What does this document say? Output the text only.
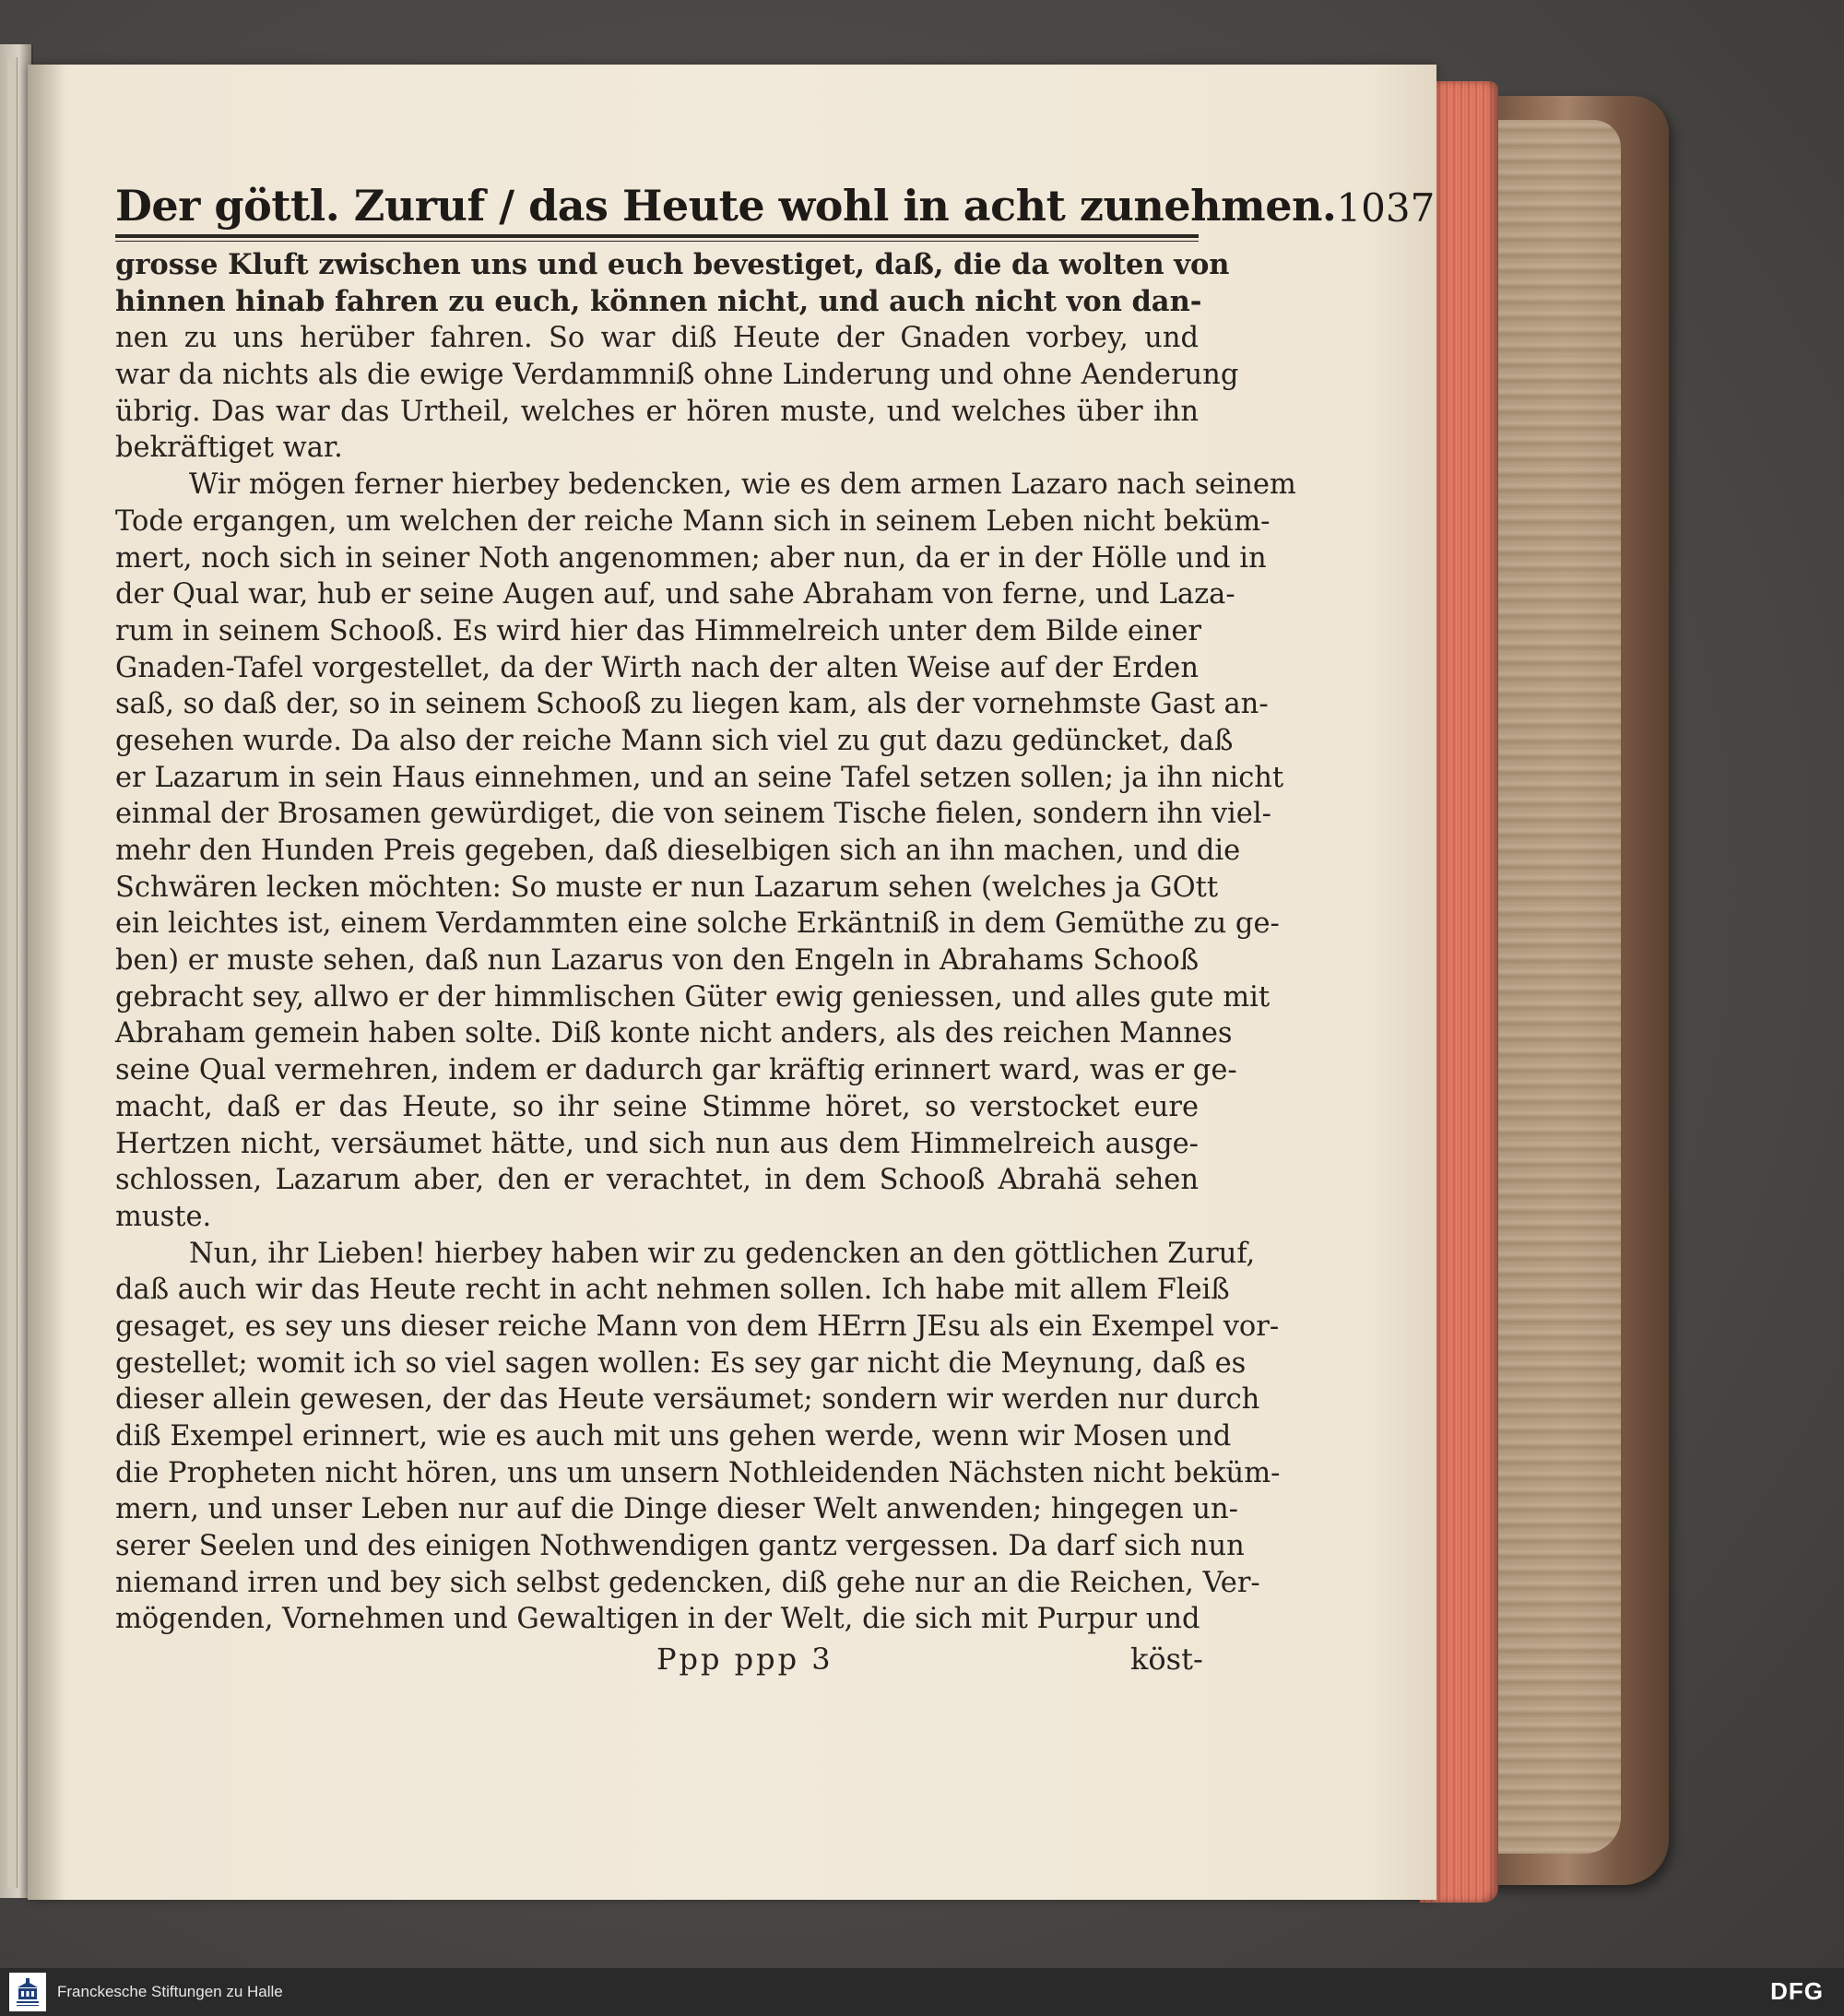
Der göttl. Zuruf / das Heute wohl in acht zunehmen. 1037
grosse Kluft zwischen uns und euch bevestiget, daß, die da wolten von
hinnen hinab fahren zu euch, können nicht, und auch nicht von dan-
nen zu uns herüber fahren. So war diß Heute der Gnaden vorbey, und
war da nichts als die ewige Verdammniß ohne Linderung und ohne Aenderung
übrig. Das war das Urtheil, welches er hören muste, und welches über ihn
bekräftiget war.
Wir mögen ferner hierbey bedencken, wie es dem armen Lazaro nach seinem
Tode ergangen, um welchen der reiche Mann sich in seinem Leben nicht beküm-
mert, noch sich in seiner Noth angenommen; aber nun, da er in der Hölle und in
der Qual war, hub er seine Augen auf, und sahe Abraham von ferne, und Laza-
rum in seinem Schooß. Es wird hier das Himmelreich unter dem Bilde einer
Gnaden-Tafel vorgestellet, da der Wirth nach der alten Weise auf der Erden
saß, so daß der, so in seinem Schooß zu liegen kam, als der vornehmste Gast an-
gesehen wurde. Da also der reiche Mann sich viel zu gut dazu gedüncket, daß
er Lazarum in sein Haus einnehmen, und an seine Tafel setzen sollen; ja ihn nicht
einmal der Brosamen gewürdiget, die von seinem Tische fielen, sondern ihn viel-
mehr den Hunden Preis gegeben, daß dieselbigen sich an ihn machen, und die
Schwären lecken möchten: So muste er nun Lazarum sehen (welches ja GOtt
ein leichtes ist, einem Verdammten eine solche Erkäntniß in dem Gemüthe zu ge-
ben) er muste sehen, daß nun Lazarus von den Engeln in Abrahams Schooß
gebracht sey, allwo er der himmlischen Güter ewig geniessen, und alles gute mit
Abraham gemein haben solte. Diß konte nicht anders, als des reichen Mannes
seine Qual vermehren, indem er dadurch gar kräftig erinnert ward, was er ge-
macht, daß er das Heute, so ihr seine Stimme höret, so verstocket eure
Hertzen nicht, versäumet hätte, und sich nun aus dem Himmelreich ausge-
schlossen, Lazarum aber, den er verachtet, in dem Schooß Abrahä sehen
muste.
Nun, ihr Lieben! hierbey haben wir zu gedencken an den göttlichen Zuruf,
daß auch wir das Heute recht in acht nehmen sollen. Ich habe mit allem Fleiß
gesaget, es sey uns dieser reiche Mann von dem HErrn JEsu als ein Exempel vor-
gestellet; womit ich so viel sagen wollen: Es sey gar nicht die Meynung, daß es
dieser allein gewesen, der das Heute versäumet; sondern wir werden nur durch
diß Exempel erinnert, wie es auch mit uns gehen werde, wenn wir Mosen und
die Propheten nicht hören, uns um unsern Nothleidenden Nächsten nicht beküm-
mern, und unser Leben nur auf die Dinge dieser Welt anwenden; hingegen un-
serer Seelen und des einigen Nothwendigen gantz vergessen. Da darf sich nun
niemand irren und bey sich selbst gedencken, diß gehe nur an die Reichen, Ver-
mögenden, Vornehmen und Gewaltigen in der Welt, die sich mit Purpur und
Ppp ppp 3	köst-
Franckesche Stiftungen zu Halle	DFG
